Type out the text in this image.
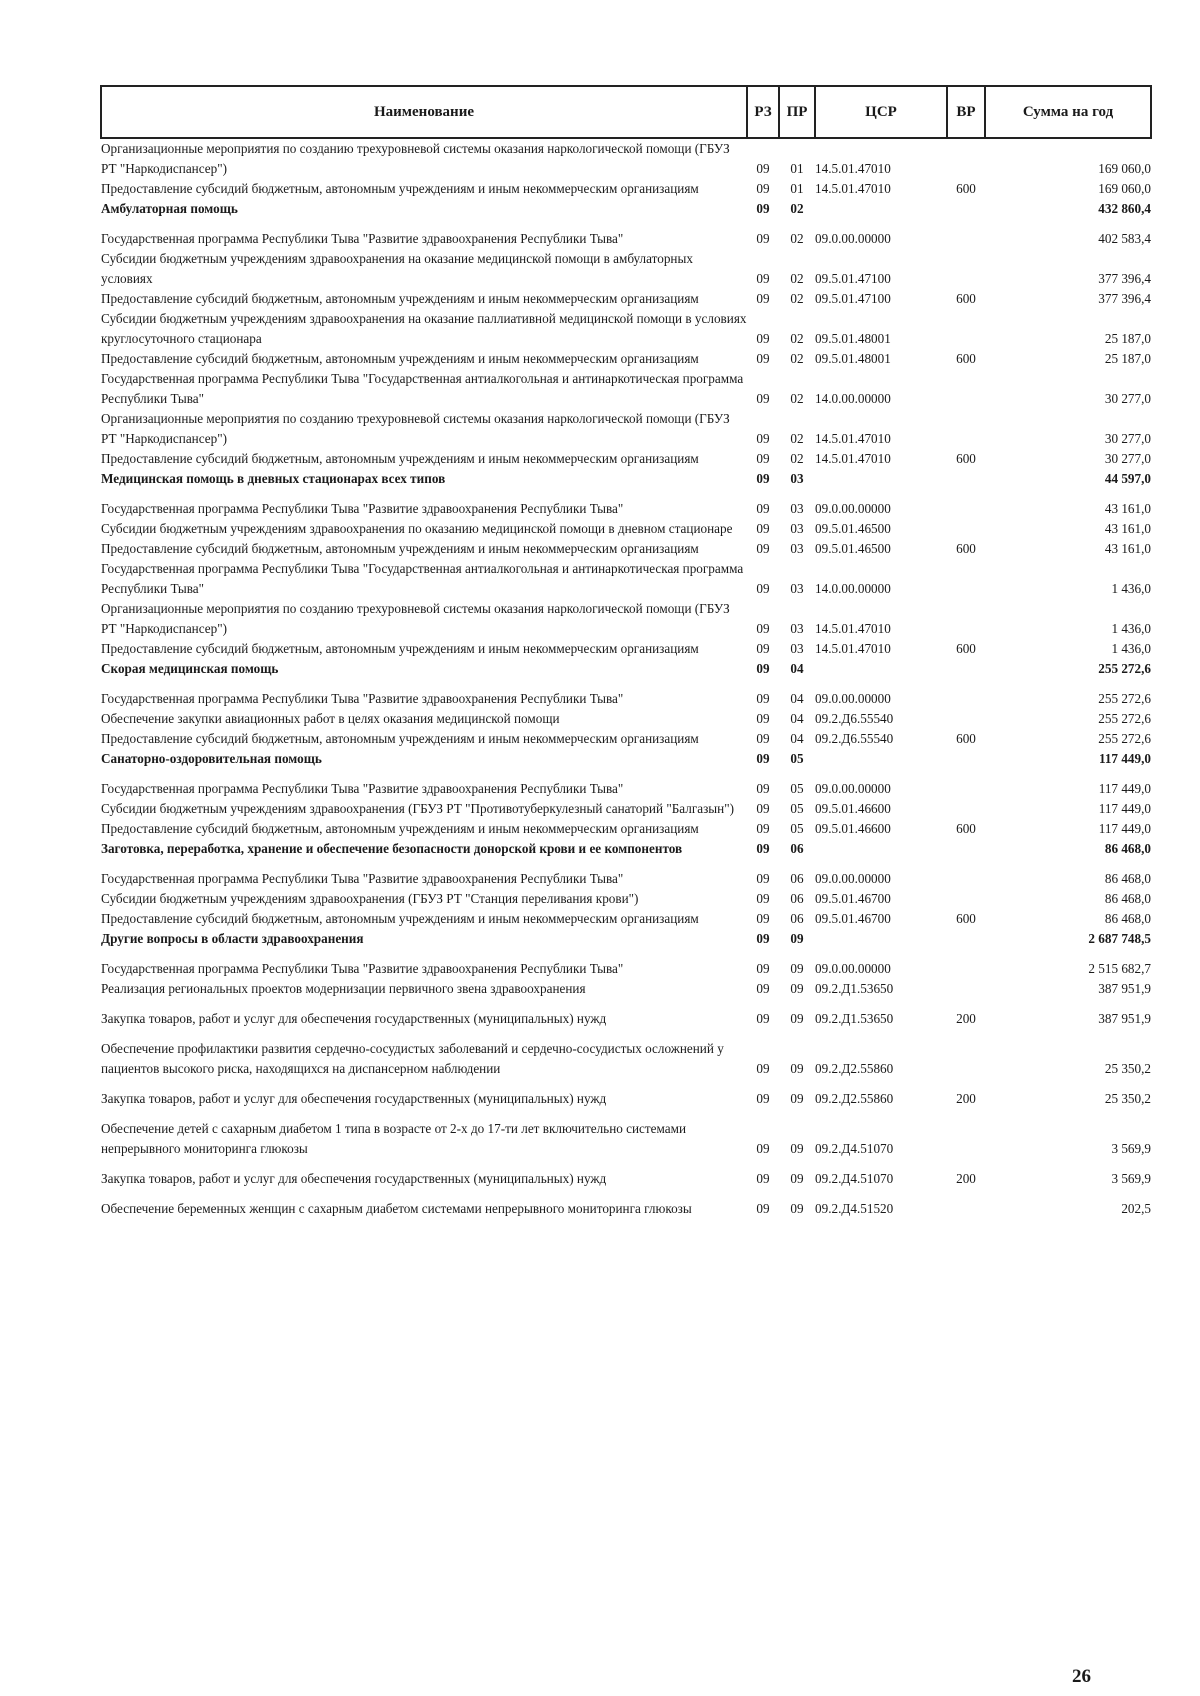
Наименование	РЗ	ПР	ЦСР	ВР	Сумма на год
Организационные мероприятия по созданию трехуровневой системы оказания наркологической помощи (ГБУЗ РТ "Наркодиспансер")	09	01	14.5.01.47010		169 060,0
Предоставление субсидий бюджетным, автономным учреждениям и иным некоммерческим организациям	09	01	14.5.01.47010	600	169 060,0
Амбулаторная помощь	09	02			432 860,4
Государственная программа Республики Тыва "Развитие здравоохранения Республики Тыва"	09	02	09.0.00.00000		402 583,4
Субсидии бюджетным учреждениям здравоохранения на оказание медицинской помощи в амбулаторных условиях	09	02	09.5.01.47100		377 396,4
Предоставление субсидий бюджетным, автономным учреждениям и иным некоммерческим организациям	09	02	09.5.01.47100	600	377 396,4
Субсидии бюджетным учреждениям здравоохранения на оказание паллиативной медицинской помощи в условиях круглосуточного стационара	09	02	09.5.01.48001		25 187,0
Предоставление субсидий бюджетным, автономным учреждениям и иным некоммерческим организациям	09	02	09.5.01.48001	600	25 187,0
Государственная программа Республики Тыва "Государственная антиалкогольная и антинаркотическая программа Республики Тыва"	09	02	14.0.00.00000		30 277,0
Организационные мероприятия по созданию трехуровневой системы оказания наркологической помощи (ГБУЗ РТ "Наркодиспансер")	09	02	14.5.01.47010		30 277,0
Предоставление субсидий бюджетным, автономным учреждениям и иным некоммерческим организациям	09	02	14.5.01.47010	600	30 277,0
Медицинская помощь в дневных стационарах всех типов	09	03			44 597,0
Государственная программа Республики Тыва "Развитие здравоохранения Республики Тыва"	09	03	09.0.00.00000		43 161,0
Субсидии бюджетным учреждениям здравоохранения по оказанию медицинской помощи в дневном стационаре	09	03	09.5.01.46500		43 161,0
Предоставление субсидий бюджетным, автономным учреждениям и иным некоммерческим организациям	09	03	09.5.01.46500	600	43 161,0
Государственная программа Республики Тыва "Государственная антиалкогольная и антинаркотическая программа Республики Тыва"	09	03	14.0.00.00000		1 436,0
Организационные мероприятия по созданию трехуровневой системы оказания наркологической помощи (ГБУЗ РТ "Наркодиспансер")	09	03	14.5.01.47010		1 436,0
Предоставление субсидий бюджетным, автономным учреждениям и иным некоммерческим организациям	09	03	14.5.01.47010	600	1 436,0
Скорая медицинская помощь	09	04			255 272,6
Государственная программа Республики Тыва "Развитие здравоохранения Республики Тыва"	09	04	09.0.00.00000		255 272,6
Обеспечение закупки авиационных работ в целях оказания медицинской помощи	09	04	09.2.Д6.55540		255 272,6
Предоставление субсидий бюджетным, автономным учреждениям и иным некоммерческим организациям	09	04	09.2.Д6.55540	600	255 272,6
Санаторно-оздоровительная помощь	09	05			117 449,0
Государственная программа Республики Тыва "Развитие здравоохранения Республики Тыва"	09	05	09.0.00.00000		117 449,0
Субсидии бюджетным учреждениям здравоохранения (ГБУЗ РТ "Противотуберкулезный санаторий "Балгазын")	09	05	09.5.01.46600		117 449,0
Предоставление субсидий бюджетным, автономным учреждениям и иным некоммерческим организациям	09	05	09.5.01.46600	600	117 449,0
Заготовка, переработка, хранение и обеспечение безопасности донорской крови и ее компонентов	09	06			86 468,0
Государственная программа Республики Тыва "Развитие здравоохранения Республики Тыва"	09	06	09.0.00.00000		86 468,0
Субсидии бюджетным учреждениям здравоохранения (ГБУЗ РТ "Станция переливания крови")	09	06	09.5.01.46700		86 468,0
Предоставление субсидий бюджетным, автономным учреждениям и иным некоммерческим организациям	09	06	09.5.01.46700	600	86 468,0
Другие вопросы в области здравоохранения	09	09			2 687 748,5
Государственная программа Республики Тыва "Развитие здравоохранения Республики Тыва"	09	09	09.0.00.00000		2 515 682,7
Реализация региональных проектов модернизации первичного звена здравоохранения	09	09	09.2.Д1.53650		387 951,9
Закупка товаров, работ и услуг для обеспечения государственных (муниципальных) нужд	09	09	09.2.Д1.53650	200	387 951,9
Обеспечение профилактики развития сердечно-сосудистых заболеваний и сердечно-сосудистых осложнений у пациентов высокого риска, находящихся на диспансерном наблюдении	09	09	09.2.Д2.55860		25 350,2
Закупка товаров, работ и услуг для обеспечения государственных (муниципальных) нужд	09	09	09.2.Д2.55860	200	25 350,2
Обеспечение детей с сахарным диабетом 1 типа в возрасте от 2-х до 17-ти лет включительно системами непрерывного мониторинга глюкозы	09	09	09.2.Д4.51070		3 569,9
Закупка товаров, работ и услуг для обеспечения государственных (муниципальных) нужд	09	09	09.2.Д4.51070	200	3 569,9
Обеспечение беременных женщин с сахарным диабетом системами непрерывного мониторинга глюкозы	09	09	09.2.Д4.51520		202,5
26
